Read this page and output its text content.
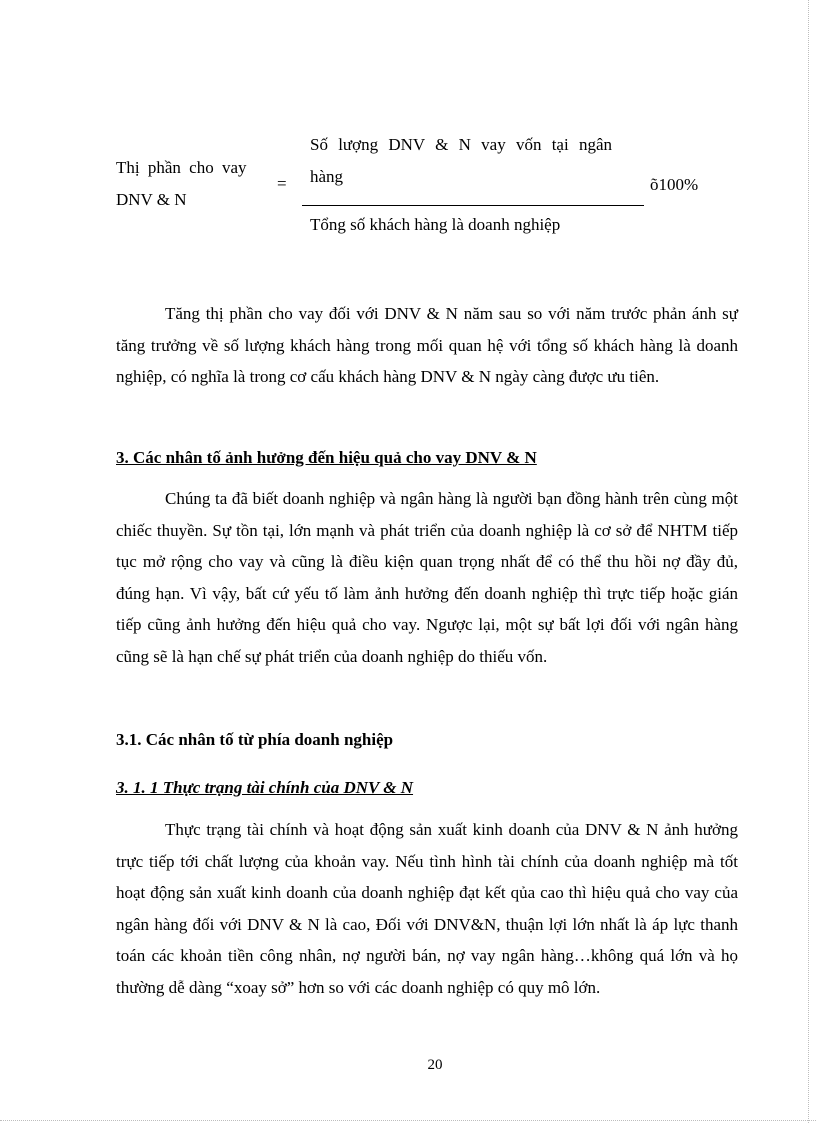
Thị phần cho vay
DNV & N
=
Số lượng DNV & N vay vốn tại ngân
hàng
Tổng số khách hàng là doanh nghiệp
õ100%

Tăng thị phần cho vay đối với DNV & N năm sau so với năm trước phản ánh sự tăng trưởng về số lượng khách hàng trong mối quan hệ với tổng số khách hàng là doanh nghiệp, có nghĩa là trong cơ cấu khách hàng DNV & N ngày càng được ưu tiên.

3. Các nhân tố ảnh hưởng đến hiệu quả cho vay DNV & N

Chúng ta đã biết doanh nghiệp và ngân hàng là người bạn đồng hành trên cùng một chiếc thuyền. Sự tồn tại, lớn mạnh và phát triển của doanh nghiệp là cơ sở để NHTM tiếp tục mở rộng cho vay và cũng là điều kiện quan trọng nhất để có thể thu hồi nợ đầy đủ, đúng hạn. Vì vậy, bất cứ yếu tố làm ảnh hưởng đến doanh nghiệp thì trực tiếp hoặc gián tiếp cũng ảnh hưởng đến hiệu quả cho vay. Ngược lại, một sự bất lợi đối với ngân hàng cũng sẽ là hạn chế sự phát triển của doanh nghiệp do thiếu vốn.

3.1. Các nhân tố từ phía doanh nghiệp
3. 1. 1 Thực trạng tài chính của DNV & N

Thực trạng tài chính và hoạt động sản xuất kinh doanh của DNV & N ảnh hưởng trực tiếp tới chất lượng của khoản vay. Nếu tình hình tài chính của doanh nghiệp mà tốt hoạt động sản xuất kinh doanh của doanh nghiệp đạt kết qủa cao thì hiệu quả cho vay của ngân hàng đối với DNV & N là cao, Đối với DNV&N, thuận lợi lớn nhất là áp lực thanh toán các khoản tiền công nhân, nợ người bán, nợ vay ngân hàng…không quá lớn và họ thường dễ dàng “xoay sở” hơn so với các doanh nghiệp có quy mô lớn.

20
